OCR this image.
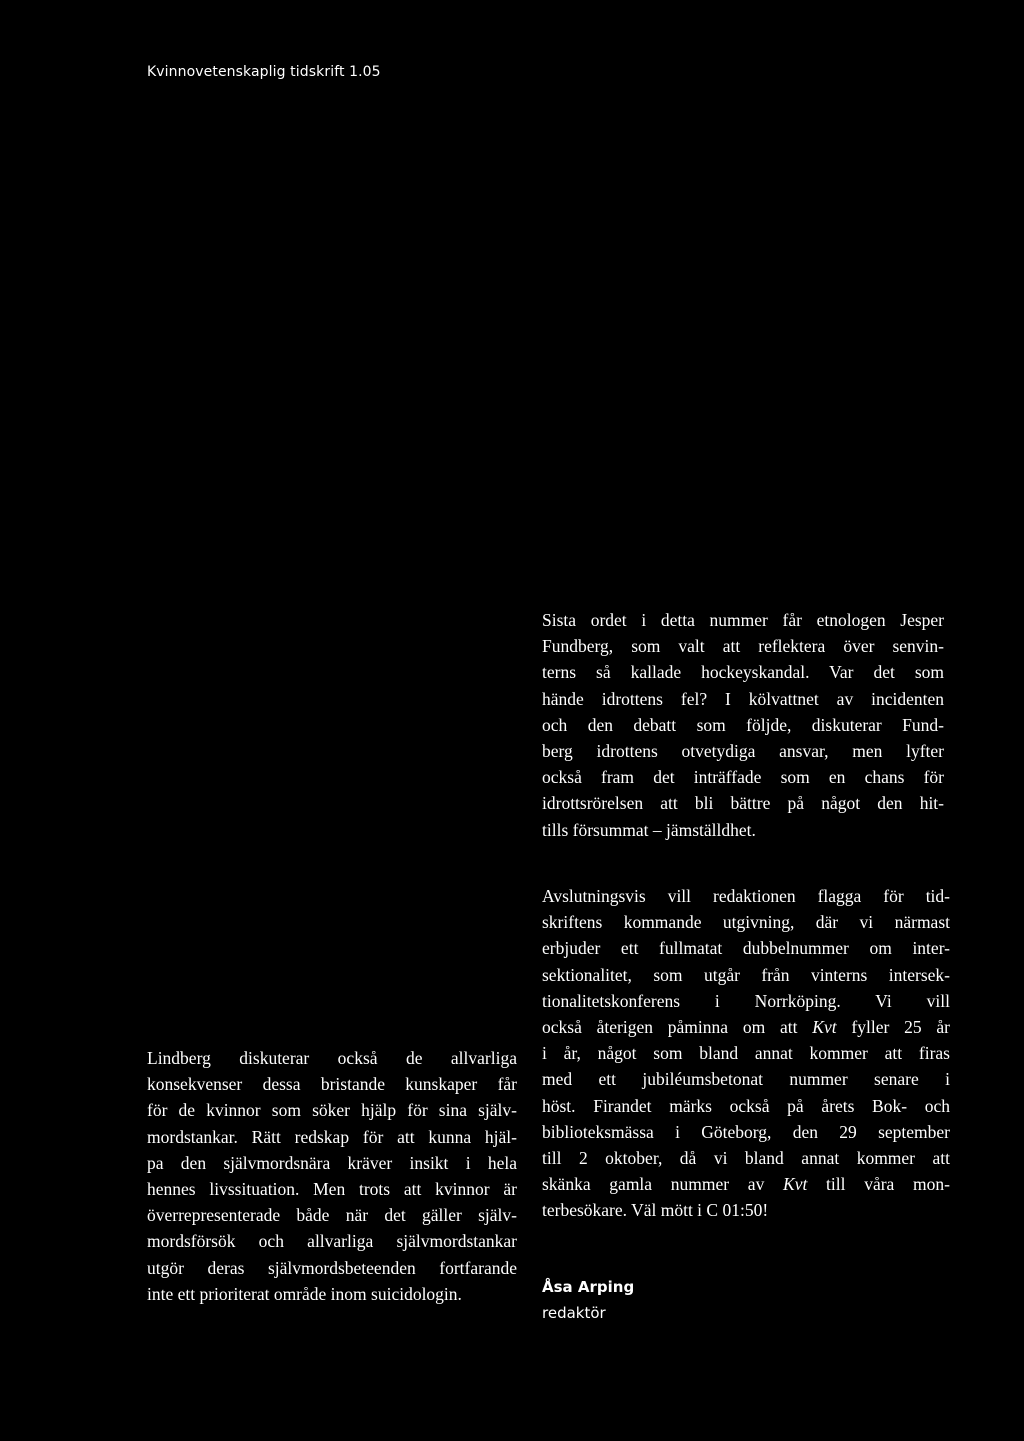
Kvinnovetenskaplig tidskrift 1.05
Sista ordet i detta nummer får etnologen Jesper
Fundberg, som valt att reflektera över senvin-
terns så kallade hockeyskandal. Var det som
hände idrottens fel? I kölvattnet av incidenten
och den debatt som följde, diskuterar Fund-
berg idrottens otvetydiga ansvar, men lyfter
också fram det inträffade som en chans för
idrottsrörelsen att bli bättre på något den hit-
tills försummat – jämställdhet.
Avslutningsvis vill redaktionen flagga för tid-
skriftens kommande utgivning, där vi närmast
erbjuder ett fullmatat dubbelnummer om inter-
sektionalitet, som utgår från vinterns intersek-
tionalitetskonferens i Norrköping. Vi vill
också återigen påminna om att Kvt fyller 25 år
i år, något som bland annat kommer att firas
med ett jubiléumsbetonat nummer senare i
höst. Firandet märks också på årets Bok- och
biblioteksmässa i Göteborg, den 29 september
till 2 oktober, då vi bland annat kommer att
skänka gamla nummer av Kvt till våra mon-
terbesökare. Väl mött i C 01:50!
Åsa Arping
redaktör
Lindberg diskuterar också de allvarliga
konsekvenser dessa bristande kunskaper får
för de kvinnor som söker hjälp för sina själv-
mordstankar. Rätt redskap för att kunna hjäl-
pa den självmordsnära kräver insikt i hela
hennes livssituation. Men trots att kvinnor är
överrepresenterade både när det gäller själv-
mordsförsök och allvarliga självmordstankar
utgör deras självmordsbeteenden fortfarande
inte ett prioriterat område inom suicidologin.
